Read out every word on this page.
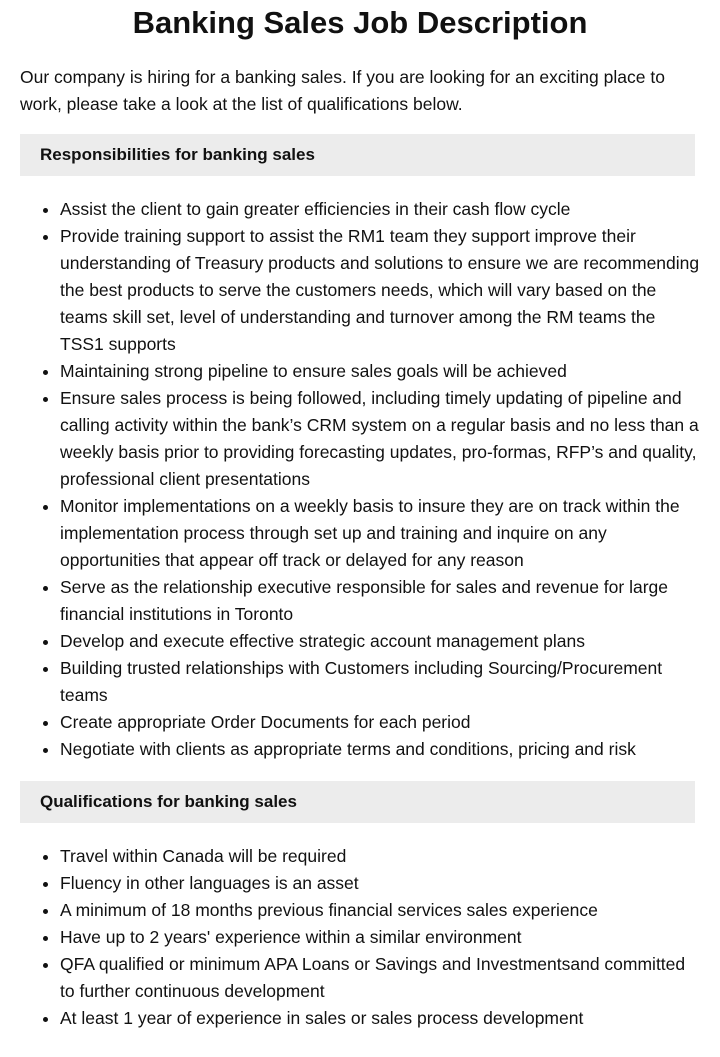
Banking Sales Job Description

Our company is hiring for a banking sales. If you are looking for an exciting place to work, please take a look at the list of qualifications below.

Responsibilities for banking sales
• Assist the client to gain greater efficiencies in their cash flow cycle
• Provide training support to assist the RM1 team they support improve their understanding of Treasury products and solutions to ensure we are recommending the best products to serve the customers needs, which will vary based on the teams skill set, level of understanding and turnover among the RM teams the TSS1 supports
• Maintaining strong pipeline to ensure sales goals will be achieved
• Ensure sales process is being followed, including timely updating of pipeline and calling activity within the bank’s CRM system on a regular basis and no less than a weekly basis prior to providing forecasting updates, pro-formas, RFP’s and quality, professional client presentations
• Monitor implementations on a weekly basis to insure they are on track within the implementation process through set up and training and inquire on any opportunities that appear off track or delayed for any reason
• Serve as the relationship executive responsible for sales and revenue for large financial institutions in Toronto
• Develop and execute effective strategic account management plans
• Building trusted relationships with Customers including Sourcing/Procurement teams
• Create appropriate Order Documents for each period
• Negotiate with clients as appropriate terms and conditions, pricing and risk
Qualifications for banking sales
• Travel within Canada will be required
• Fluency in other languages is an asset
• A minimum of 18 months previous financial services sales experience
• Have up to 2 years' experience within a similar environment
• QFA qualified or minimum APA Loans or Savings and Investmentsand committed to further continuous development
• At least 1 year of experience in sales or sales process development
